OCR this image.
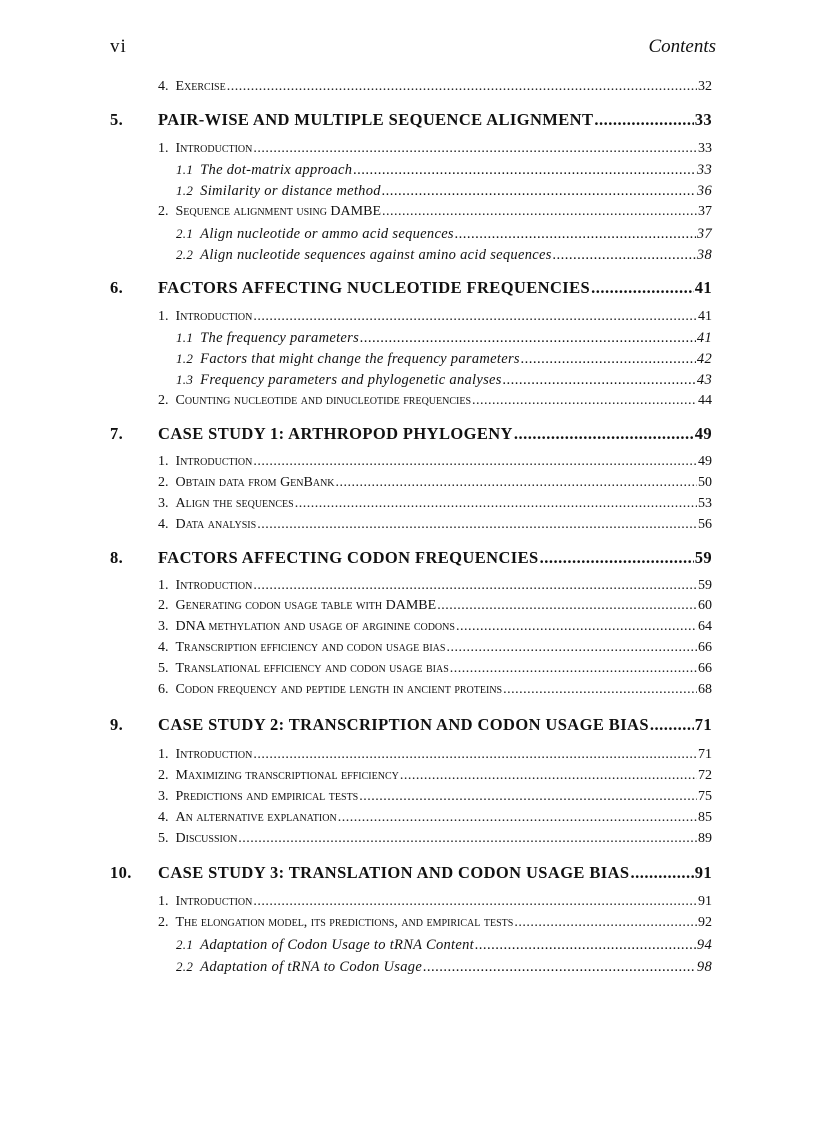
vi	Contents
4. Exercise .....	32
5. PAIR-WISE AND MULTIPLE SEQUENCE ALIGNMENT .....	33
1. Introduction .....	33
1.1 The dot-matrix approach .....	33
1.2 Similarity or distance method .....	36
2. Sequence alignment using DAMBE .....	37
2.1 Align nucleotide or ammo acid sequences .....	37
2.2 Align nucleotide sequences against amino acid sequences .....	38
6. FACTORS AFFECTING NUCLEOTIDE FREQUENCIES .....	41
1. Introduction .....	41
1.1 The frequency parameters .....	41
1.2 Factors that might change the frequency parameters .....	42
1.3 Frequency parameters and phylogenetic analyses .....	43
2. Counting nucleotide and dinucleotide frequencies .....	44
7. CASE STUDY 1: ARTHROPOD PHYLOGENY .....	49
1. Introduction .....	49
2. Obtain data from GenBank .....	50
3. Align the sequences .....	53
4. Data analysis .....	56
8. FACTORS AFFECTING CODON FREQUENCIES .....	59
1. Introduction .....	59
2. Generating codon usage table with DAMBE .....	60
3. DNA methylation and usage of arginine codons .....	64
4. Transcription efficiency and codon usage bias .....	66
5. Translational efficiency and codon usage bias .....	66
6. Codon frequency and peptide length in ancient proteins .....	68
9. CASE STUDY 2: TRANSCRIPTION AND CODON USAGE BIAS .....	71
1. Introduction .....	71
2. Maximizing transcriptional efficiency .....	72
3. Predictions and empirical tests .....	75
4. An alternative explanation .....	85
5. Discussion .....	89
10. CASE STUDY 3: TRANSLATION AND CODON USAGE BIAS .....	91
1. Introduction .....	91
2. The elongation model, its predictions, and empirical tests .....	92
2.1 Adaptation of Codon Usage to tRNA Content .....	94
2.2 Adaptation of tRNA to Codon Usage .....	98
